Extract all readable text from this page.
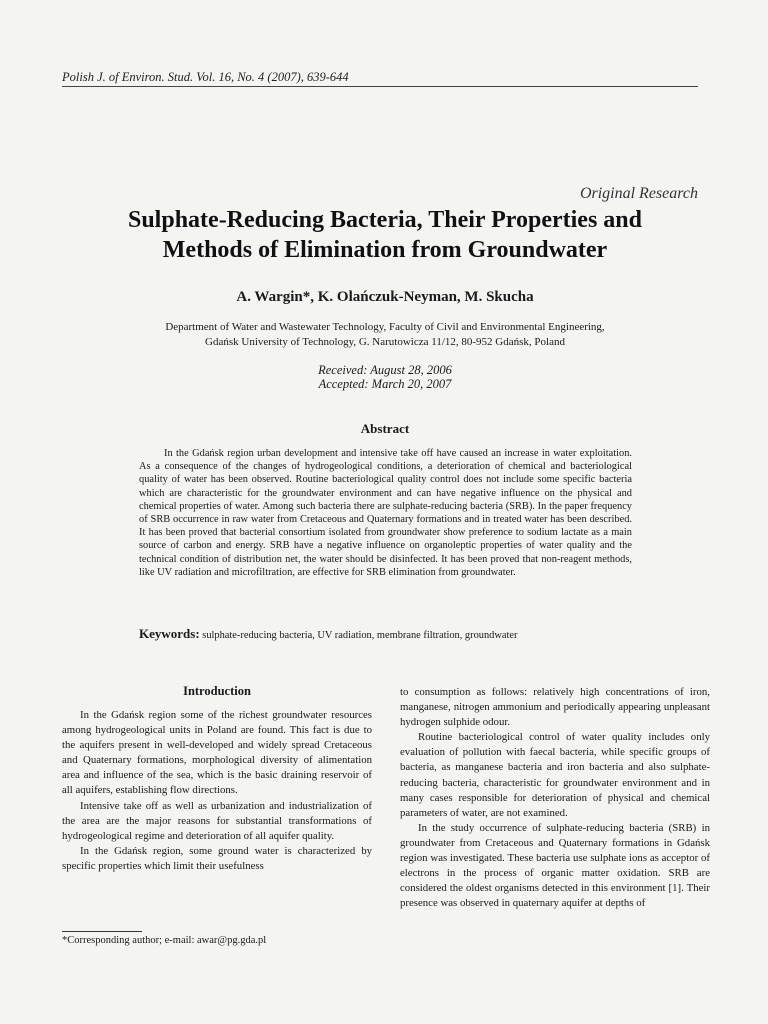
Polish J. of Environ. Stud. Vol. 16, No. 4 (2007), 639-644
Original Research
Sulphate-Reducing Bacteria, Their Properties and
Methods of Elimination from Groundwater
A. Wargin*, K. Olańczuk-Neyman, M. Skucha
Department of Water and Wastewater Technology, Faculty of Civil and Environmental Engineering,
Gdańsk University of Technology, G. Narutowicza 11/12, 80-952 Gdańsk, Poland
Received: August 28, 2006
Accepted: March 20, 2007
Abstract

In the Gdańsk region urban development and intensive take off have caused an increase in water exploitation. As a consequence of the changes of hydrogeological conditions, a deterioration of chemical and bacteriological quality of water has been observed. Routine bacteriological quality control does not include some specific bacteria which are characteristic for the groundwater environment and can have negative influence on the physical and chemical properties of water. Among such bacteria there are sulphate-reducing bacteria (SRB). In the paper frequency of SRB occurrence in raw water from Cretaceous and Quaternary formations and in treated water has been described. It has been proved that bacterial consortium isolated from groundwater show preference to sodium lactate as a main source of carbon and energy. SRB have a negative influence on organoleptic properties of water quality and the technical condition of distribution net, the water should be disinfected. It has been proved that non-reagent methods, like UV radiation and microfiltration, are effective for SRB elimination from groundwater.

Keywords: sulphate-reducing bacteria, UV radiation, membrane filtration, groundwater
Introduction

In the Gdańsk region some of the richest groundwater resources among hydrogeological units in Poland are found. This fact is due to the aquifers present in well-developed and widely spread Cretaceous and Quaternary formations, morphological diversity of alimentation area and influence of the sea, which is the basic draining reservoir of all aquifers, establishing flow directions.

Intensive take off as well as urbanization and industrialization of the area are the major reasons for substantial transformations of hydrogeological regime and deterioration of all aquifer quality.

In the Gdańsk region, some ground water is characterized by specific properties which limit their usefulness

to consumption as follows: relatively high concentrations of iron, manganese, nitrogen ammonium and periodically appearing unpleasant hydrogen sulphide odour.

Routine bacteriological control of water quality includes only evaluation of pollution with faecal bacteria, while specific groups of bacteria, as manganese bacteria and iron bacteria and also sulphate-reducing bacteria, characteristic for groundwater environment and in many cases responsible for deterioration of physical and chemical parameters of water, are not examined.

In the study occurrence of sulphate-reducing bacteria (SRB) in groundwater from Cretaceous and Quaternary formations in Gdańsk region was investigated. These bacteria use sulphate ions as acceptor of electrons in the process of organic matter oxidation. SRB are considered the oldest organisms detected in this environment [1]. Their presence was observed in quaternary aquifer at depths of

*Corresponding author; e-mail: awar@pg.gda.pl
